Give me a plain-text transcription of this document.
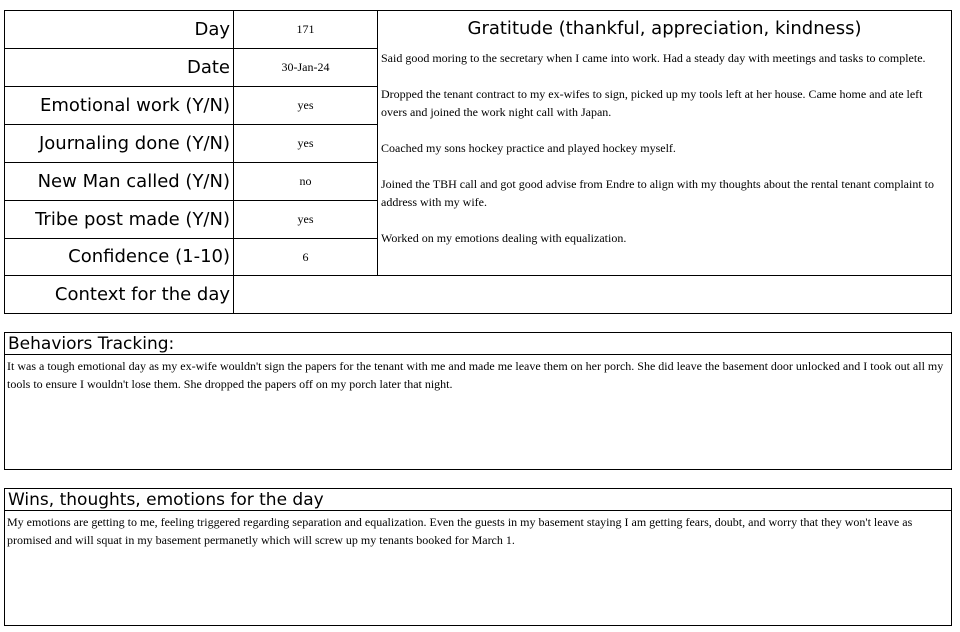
Day	171
Date	30-Jan-24
Emotional work (Y/N)	yes
Journaling done (Y/N)	yes
New Man called (Y/N)	no
Tribe post made (Y/N)	yes
Confidence (1-10)	6
Context for the day
Gratitude (thankful, appreciation, kindness)

Said good moring to the secretary when I came into work. Had a steady day with meetings and tasks to complete.

Dropped the tenant contract to my ex-wifes to sign, picked up my tools left at her house. Came home and ate left overs and joined the work night call with Japan.

Coached my sons hockey practice and played hockey myself.

Joined the TBH call and got good advise from Endre to align with my thoughts about the rental tenant complaint to address with my wife.

Worked on my emotions dealing with equalization.

Behaviors Tracking:
It was a tough emotional day as my ex-wife wouldn't sign the papers for the tenant with me and made me leave them on her porch. She did leave the basement door unlocked and I took out all my tools to ensure I wouldn't lose them. She dropped the papers off on my porch later that night.
Wins, thoughts, emotions for the day
My emotions are getting to me, feeling triggered regarding separation and equalization. Even the guests in my basement staying I am getting fears, doubt, and worry that they won't leave as promised and will squat in my basement permanetly which will screw up my tenants booked for March 1.
